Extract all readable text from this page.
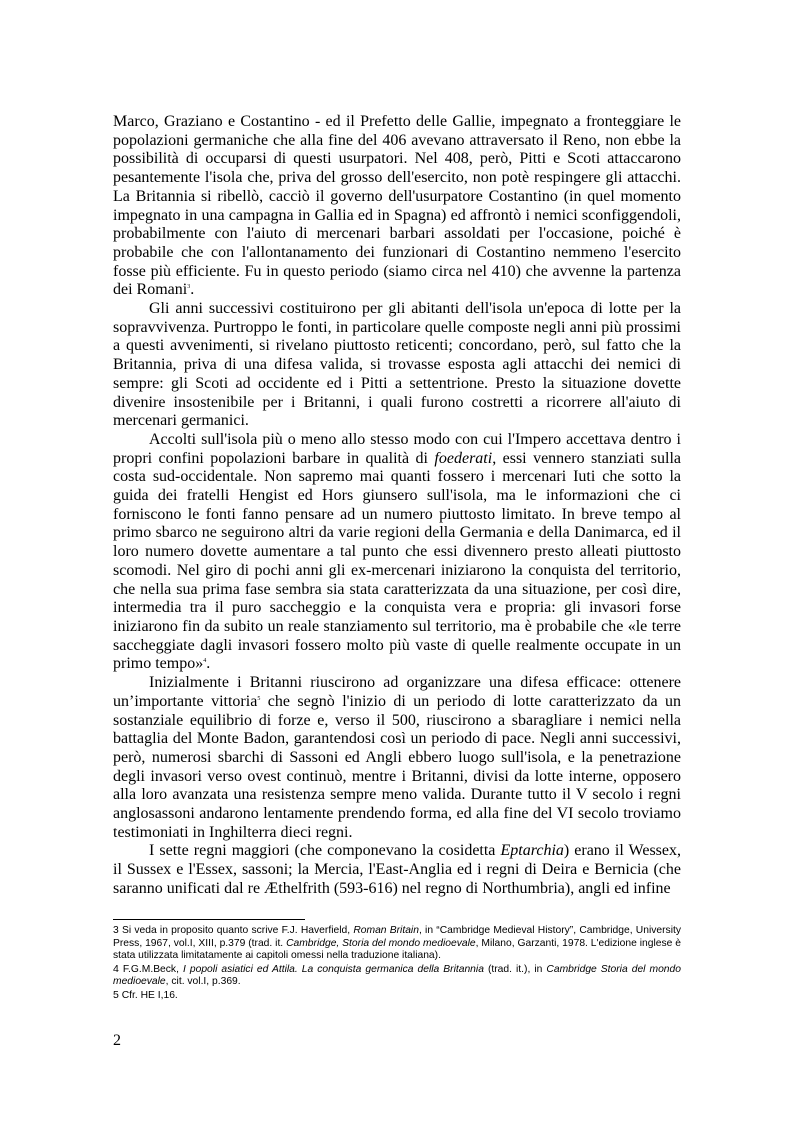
Marco, Graziano e Costantino - ed il Prefetto delle Gallie, impegnato a fronteggiare le popolazioni germaniche che alla fine del 406 avevano attraversato il Reno, non ebbe la possibilità di occuparsi di questi usurpatori. Nel 408, però, Pitti e Scoti attaccarono pesantemente l'isola che, priva del grosso dell'esercito, non potè respingere gli attacchi. La Britannia si ribellò, cacciò il governo dell'usurpatore Costantino (in quel momento impegnato in una campagna in Gallia ed in Spagna) ed affrontò i nemici sconfiggendoli, probabilmente con l'aiuto di mercenari barbari assoldati per l'occasione, poiché è probabile che con l'allontanamento dei funzionari di Costantino nemmeno l'esercito fosse più efficiente. Fu in questo periodo (siamo circa nel 410) che avvenne la partenza dei Romani$^3$.

Gli anni successivi costituirono per gli abitanti dell'isola un'epoca di lotte per la sopravvivenza. Purtroppo le fonti, in particolare quelle composte negli anni più prossimi a questi avvenimenti, si rivelano piuttosto reticenti; concordano, però, sul fatto che la Britannia, priva di una difesa valida, si trovasse esposta agli attacchi dei nemici di sempre: gli Scoti ad occidente ed i Pitti a settentrione. Presto la situazione dovette divenire insostenibile per i Britanni, i quali furono costretti a ricorrere all'aiuto di mercenari germanici.

Accolti sull'isola più o meno allo stesso modo con cui l'Impero accettava dentro i propri confini popolazioni barbare in qualità di foederati, essi vennero stanziati sulla costa sud-occidentale. Non sapremo mai quanti fossero i mercenari Iuti che sotto la guida dei fratelli Hengist ed Hors giunsero sull'isola, ma le informazioni che ci forniscono le fonti fanno pensare ad un numero piuttosto limitato. In breve tempo al primo sbarco ne seguirono altri da varie regioni della Germania e della Danimarca, ed il loro numero dovette aumentare a tal punto che essi divennero presto alleati piuttosto scomodi. Nel giro di pochi anni gli ex-mercenari iniziarono la conquista del territorio, che nella sua prima fase sembra sia stata caratterizzata da una situazione, per così dire, intermedia tra il puro saccheggio e la conquista vera e propria: gli invasori forse iniziarono fin da subito un reale stanziamento sul territorio, ma è probabile che «le terre saccheggiate dagli invasori fossero molto più vaste di quelle realmente occupate in un primo tempo»$^4$.

Inizialmente i Britanni riuscirono ad organizzare una difesa efficace: ottenere un’importante vittoria$^5$ che segnò l'inizio di un periodo di lotte caratterizzato da un sostanziale equilibrio di forze e, verso il 500, riuscirono a sbaragliare i nemici nella battaglia del Monte Badon, garantendosi così un periodo di pace. Negli anni successivi, però, numerosi sbarchi di Sassoni ed Angli ebbero luogo sull'isola, e la penetrazione degli invasori verso ovest continuò, mentre i Britanni, divisi da lotte interne, opposero alla loro avanzata una resistenza sempre meno valida. Durante tutto il V secolo i regni anglosassoni andarono lentamente prendendo forma, ed alla fine del VI secolo troviamo testimoniati in Inghilterra dieci regni.

I sette regni maggiori (che componevano la cosidetta Eptarchia) erano il Wessex, il Sussex e l'Essex, sassoni; la Mercia, l'East-Anglia ed i regni di Deira e Bernicia (che saranno unificati dal re Æthelfrith (593-616) nel regno di Northumbria), angli ed infine

3 Si veda in proposito quanto scrive F.J. Haverfield, Roman Britain, in “Cambridge Medieval History”, Cambridge, University Press, 1967, vol.I, XIII, p.379 (trad. it. Cambridge, Storia del mondo medioevale, Milano, Garzanti, 1978. L'edizione inglese è stata utilizzata limitatamente ai capitoli omessi nella traduzione italiana).

4 F.G.M.Beck, I popoli asiatici ed Attila. La conquista germanica della Britannia (trad. it.), in Cambridge Storia del mondo medioevale, cit. vol.I, p.369.

5 Cfr. HE I,16.

2
